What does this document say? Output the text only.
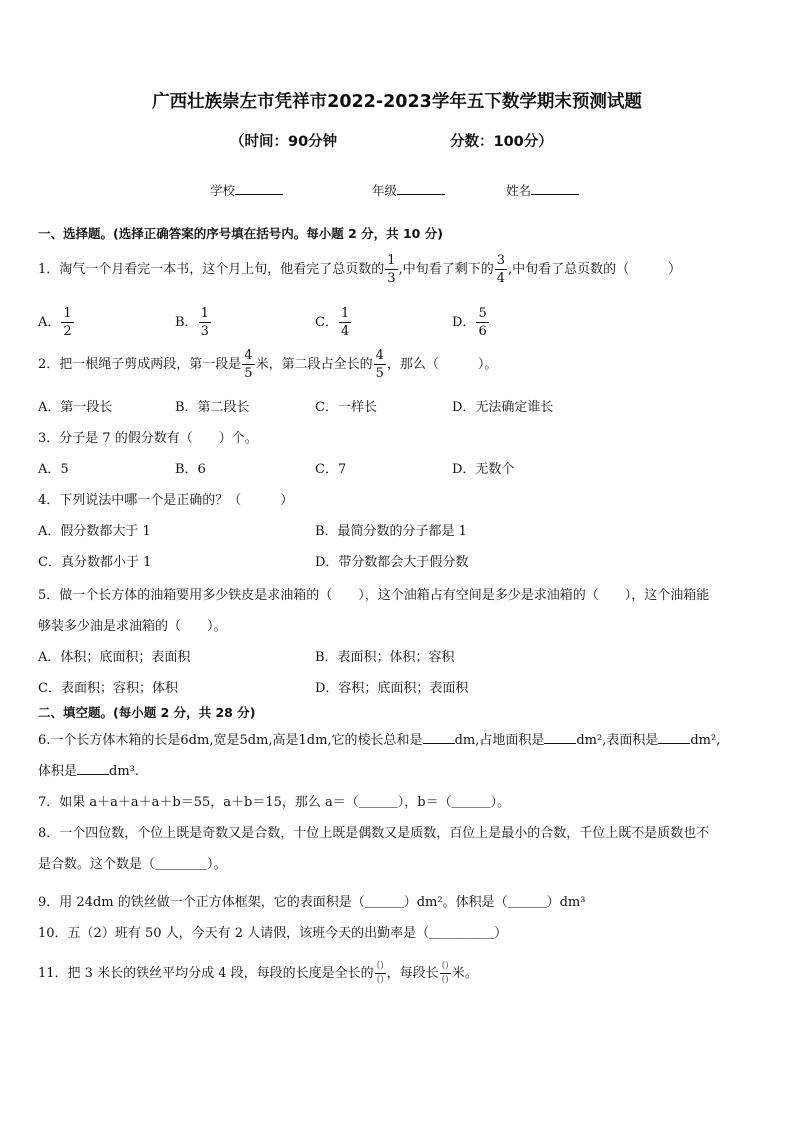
广西壮族崇左市凭祥市2022-2023学年五下数学期末预测试题
（时间：90分钟	分数：100分）
学校	年级	姓名
一、选择题。(选择正确答案的序号填在括号内。每小题 2 分，共 10 分)
1．淘气一个月看完一本书，这个月上旬，他看完了总页数的 $\frac{1}{3}$ ,中旬看了剩下的 $\frac{3}{4}$ ,中旬看了总页数的（　　　）
A． $\frac{1}{2}$	B． $\frac{1}{3}$	C． $\frac{1}{4}$	D． $\frac{5}{6}$
2．把一根绳子剪成两段，第一段是 $\frac{4}{5}$ 米，第二段占全长的 $\frac{4}{5}$ ，那么（　　　）。
A．第一段长	B．第二段长	C．一样长	D．无法确定谁长
3．分子是 7 的假分数有（　　）个。
A．5	B．6	C．7	D．无数个
4．下列说法中哪一个是正确的？（　　　）
A．假分数都大于 1	B．最简分数的分子都是 1
C．真分数都小于 1	D．带分数都会大于假分数
5．做一个长方体的油箱要用多少铁皮是求油箱的（　　），这个油箱占有空间是多少是求油箱的（　　），这个油箱能
够装多少油是求油箱的（　　）。
A．体积；底面积；表面积	B．表面积；体积；容积
C．表面积；容积；体积	D．容积；底面积；表面积
二、填空题。(每小题 2 分，共 28 分)
6.一个长方体木箱的长是6dm,宽是5dm,高是1dm,它的棱长总和是 dm,占地面积是 dm²,表面积是 dm²,
体积是 dm³.
7．如果 a＋a＋a＋a＋b＝55，a＋b＝15，那么 a＝（＿＿＿），b＝（＿＿＿）。
8．一个四位数，个位上既是奇数又是合数，十位上既是偶数又是质数，百位上是最小的合数，千位上既不是质数也不
是合数。这个数是（＿＿＿＿）。
9．用 24dm 的铁丝做一个正方体框架，它的表面积是（＿＿＿）dm²。体积是（＿＿＿）dm³
10．五（2）班有 50 人，今天有 2 人请假，该班今天的出勤率是（＿＿＿＿＿）
11．把 3 米长的铁丝平均分成 4 段，每段的长度是全长的 $\frac{()}{()}$ ，每段长 $\frac{()}{()}$ 米。
